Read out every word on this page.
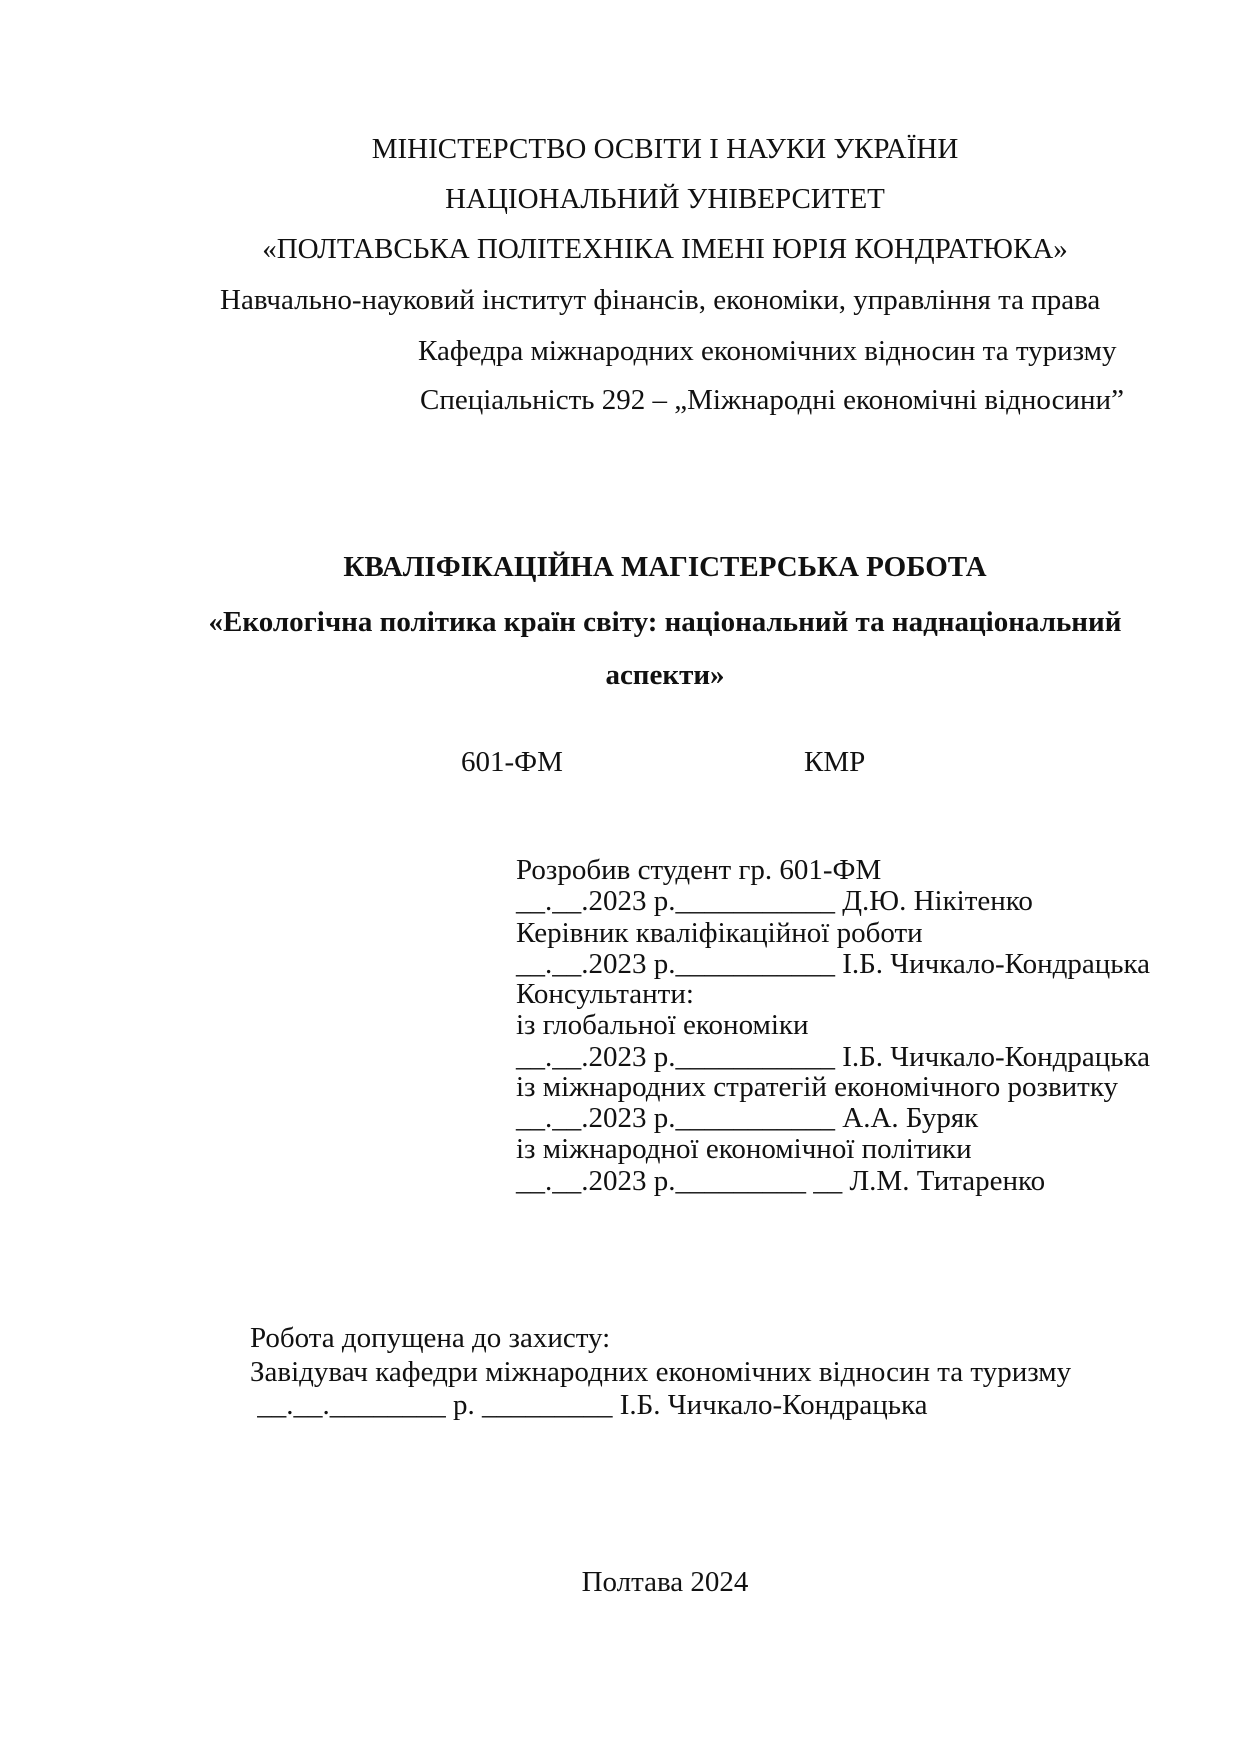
МІНІСТЕРСТВО ОСВІТИ І НАУКИ УКРАЇНИ
НАЦІОНАЛЬНИЙ УНІВЕРСИТЕТ
«ПОЛТАВСЬКА ПОЛІТЕХНІКА ІМЕНІ ЮРІЯ КОНДРАТЮКА»
Навчально-науковий інститут фінансів, економіки, управління та права
Кафедра міжнародних економічних відносин та туризму
Спеціальність 292 – „Міжнародні економічні відносини”
КВАЛІФІКАЦІЙНА МАГІСТЕРСЬКА РОБОТА
«Екологічна політика країн світу: національний та наднаціональний
аспекти»
601-ФМ	КМР
Розробив студент гр. 601-ФМ
__.__.2023 р.___________ Д.Ю. Нікітенко
Керівник кваліфікаційної роботи
__.__.2023 р.___________ І.Б. Чичкало-Кондрацька
Консультанти:
із глобальної економіки
__.__.2023 р.___________ І.Б. Чичкало-Кондрацька
із міжнародних стратегій економічного розвитку
__.__.2023 р.___________ А.А. Буряк
із міжнародної економічної політики
__.__.2023 р._________ __ Л.М. Титаренко
Робота допущена до захисту:
Завідувач кафедри міжнародних економічних відносин та туризму
__.__.________ р. _________ І.Б. Чичкало-Кондрацька
Полтава 2024
